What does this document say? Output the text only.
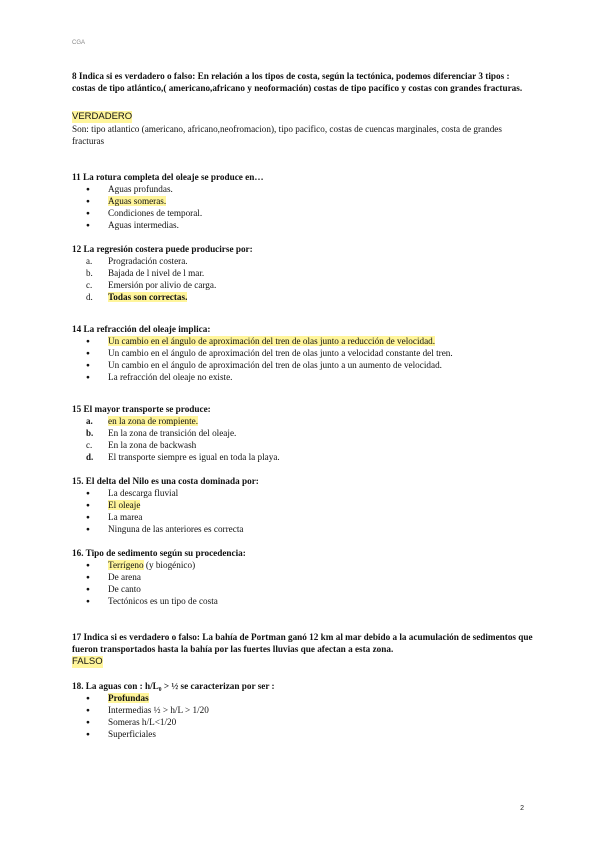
CGA

8 Indica si es verdadero o falso: En relación a los tipos de costa, según la tectónica, podemos diferenciar 3 tipos : costas de tipo atlántico,( americano,africano y neoformación) costas de tipo pacífico y costas con grandes fracturas.

VERDADERO

Son: tipo atlantico (americano, africano,neofromacion), tipo pacifico, costas de cuencas marginales, costa de grandes fracturas

11 La rotura completa del oleaje se produce en…

●
Aguas profundas.
●
Aguas someras.
●
Condiciones de temporal.
●
Aguas intermedias.

12 La regresión costera puede producirse por:

a.	Progradación costera.
b.	Bajada de l nivel de l mar.
c.	Emersión por alivio de carga.
d.	Todas son correctas.

14 La refracción del oleaje implica:

●
Un cambio en el ángulo de aproximación del tren de olas junto a reducción de velocidad.
●
Un cambio en el ángulo de aproximación del tren de olas junto a velocidad constante del tren.
●
Un cambio en el ángulo de aproximación del tren de olas junto a un aumento de velocidad.
●
La refracción del oleaje no existe.

15 El mayor transporte se produce:

a.	en la zona de rompiente.
b.	En la zona de transición del oleaje.
c.	En la zona de backwash
d.	El transporte siempre es igual en toda la playa.

15. El delta del Nilo es una costa dominada por:

●
La descarga fluvial
●
El oleaje
●
La marea
●
Ninguna de las anteriores es correcta

16. Tipo de sedimento según su procedencia:

●
Terrígeno (y biogénico)
●
De arena
●
De canto
●
Tectónicos es un tipo de costa

17 Indica si es verdadero o falso: La bahía de Portman ganó 12 km al mar debido a la acumulación de sedimentos que fueron transportados hasta la bahía por las fuertes lluvias que afectan a esta zona.

FALSO

18. La aguas con : h/L₀ > ½ se caracterizan por ser :

●
Profundas
●
Intermedias ½ > h/L > 1/20
●
Someras h/L<1/20
●
Superficiales
2
